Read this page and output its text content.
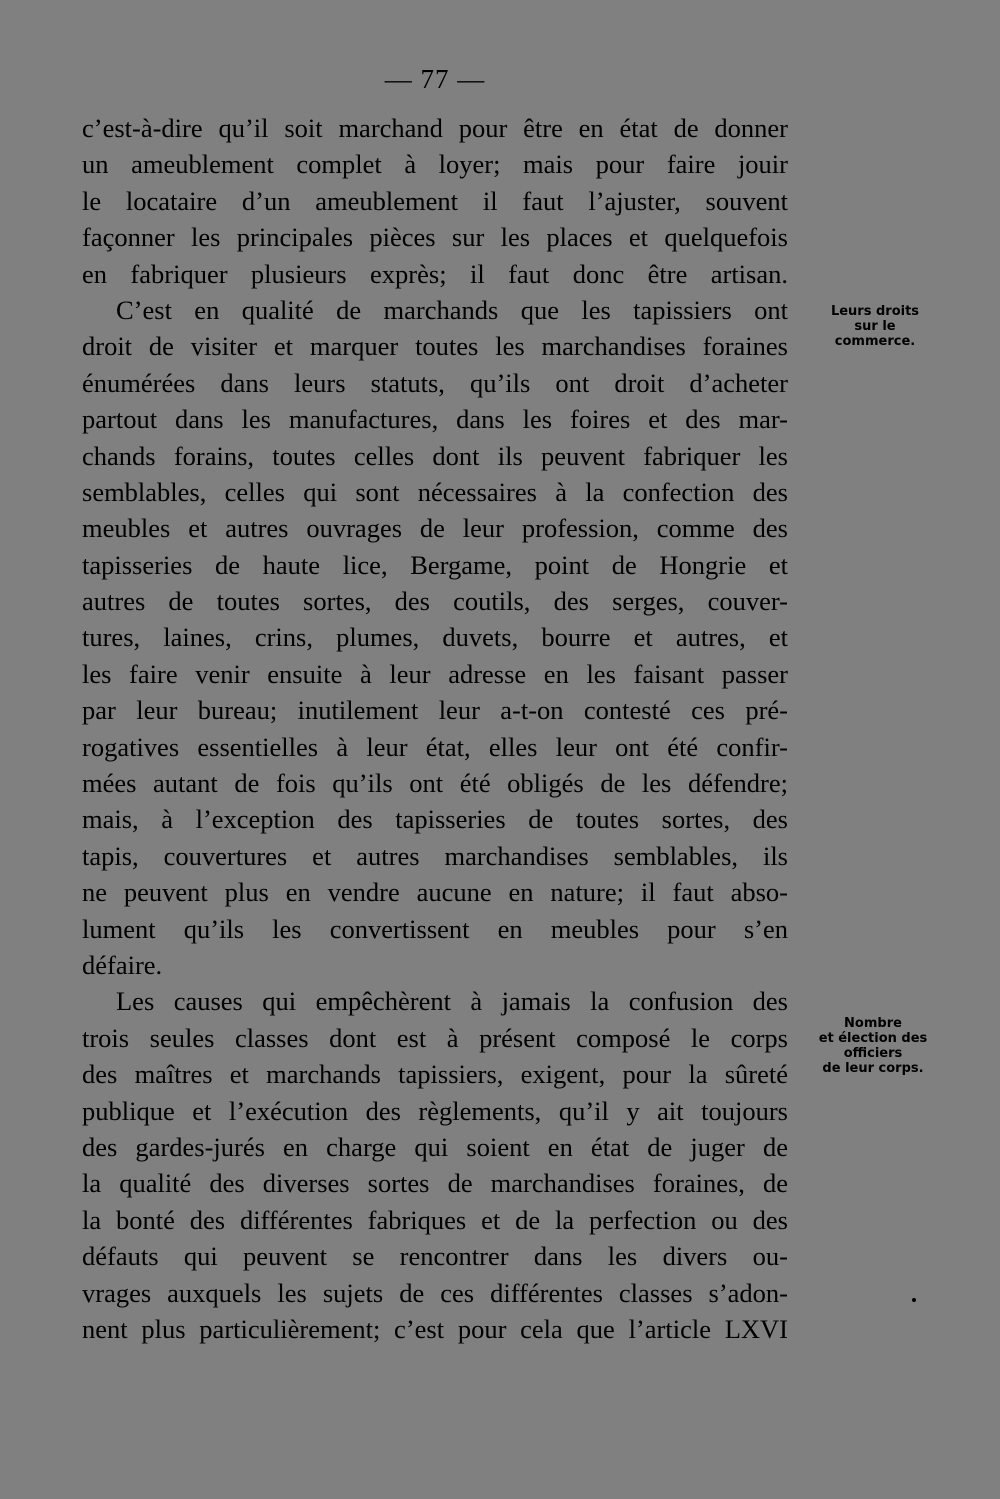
— 77 —
c’est-à-dire qu’il soit marchand pour être en état de donner
un ameublement complet à loyer; mais pour faire jouir
le locataire d’un ameublement il faut l’ajuster, souvent
façonner les principales pièces sur les places et quelquefois
en fabriquer plusieurs exprès; il faut donc être artisan.
C’est en qualité de marchands que les tapissiers ont
droit de visiter et marquer toutes les marchandises foraines
énumérées dans leurs statuts, qu’ils ont droit d’acheter
partout dans les manufactures, dans les foires et des mar-
chands forains, toutes celles dont ils peuvent fabriquer les
semblables, celles qui sont nécessaires à la confection des
meubles et autres ouvrages de leur profession, comme des
tapisseries de haute lice, Bergame, point de Hongrie et
autres de toutes sortes, des coutils, des serges, couver-
tures, laines, crins, plumes, duvets, bourre et autres, et
les faire venir ensuite à leur adresse en les faisant passer
par leur bureau; inutilement leur a-t-on contesté ces pré-
rogatives essentielles à leur état, elles leur ont été confir-
mées autant de fois qu’ils ont été obligés de les défendre;
mais, à l’exception des tapisseries de toutes sortes, des
tapis, couvertures et autres marchandises semblables, ils
ne peuvent plus en vendre aucune en nature; il faut abso-
lument qu’ils les convertissent en meubles pour s’en
défaire.
Les causes qui empêchèrent à jamais la confusion des
trois seules classes dont est à présent composé le corps
des maîtres et marchands tapissiers, exigent, pour la sûreté
publique et l’exécution des règlements, qu’il y ait toujours
des gardes-jurés en charge qui soient en état de juger de
la qualité des diverses sortes de marchandises foraines, de
la bonté des différentes fabriques et de la perfection ou des
défauts qui peuvent se rencontrer dans les divers ou-
vrages auxquels les sujets de ces différentes classes s’adon-
nent plus particulièrement; c’est pour cela que l’article LXVI
Leurs droits
sur le
commerce.
Nombre
et élection des
officiers
de leur corps.
